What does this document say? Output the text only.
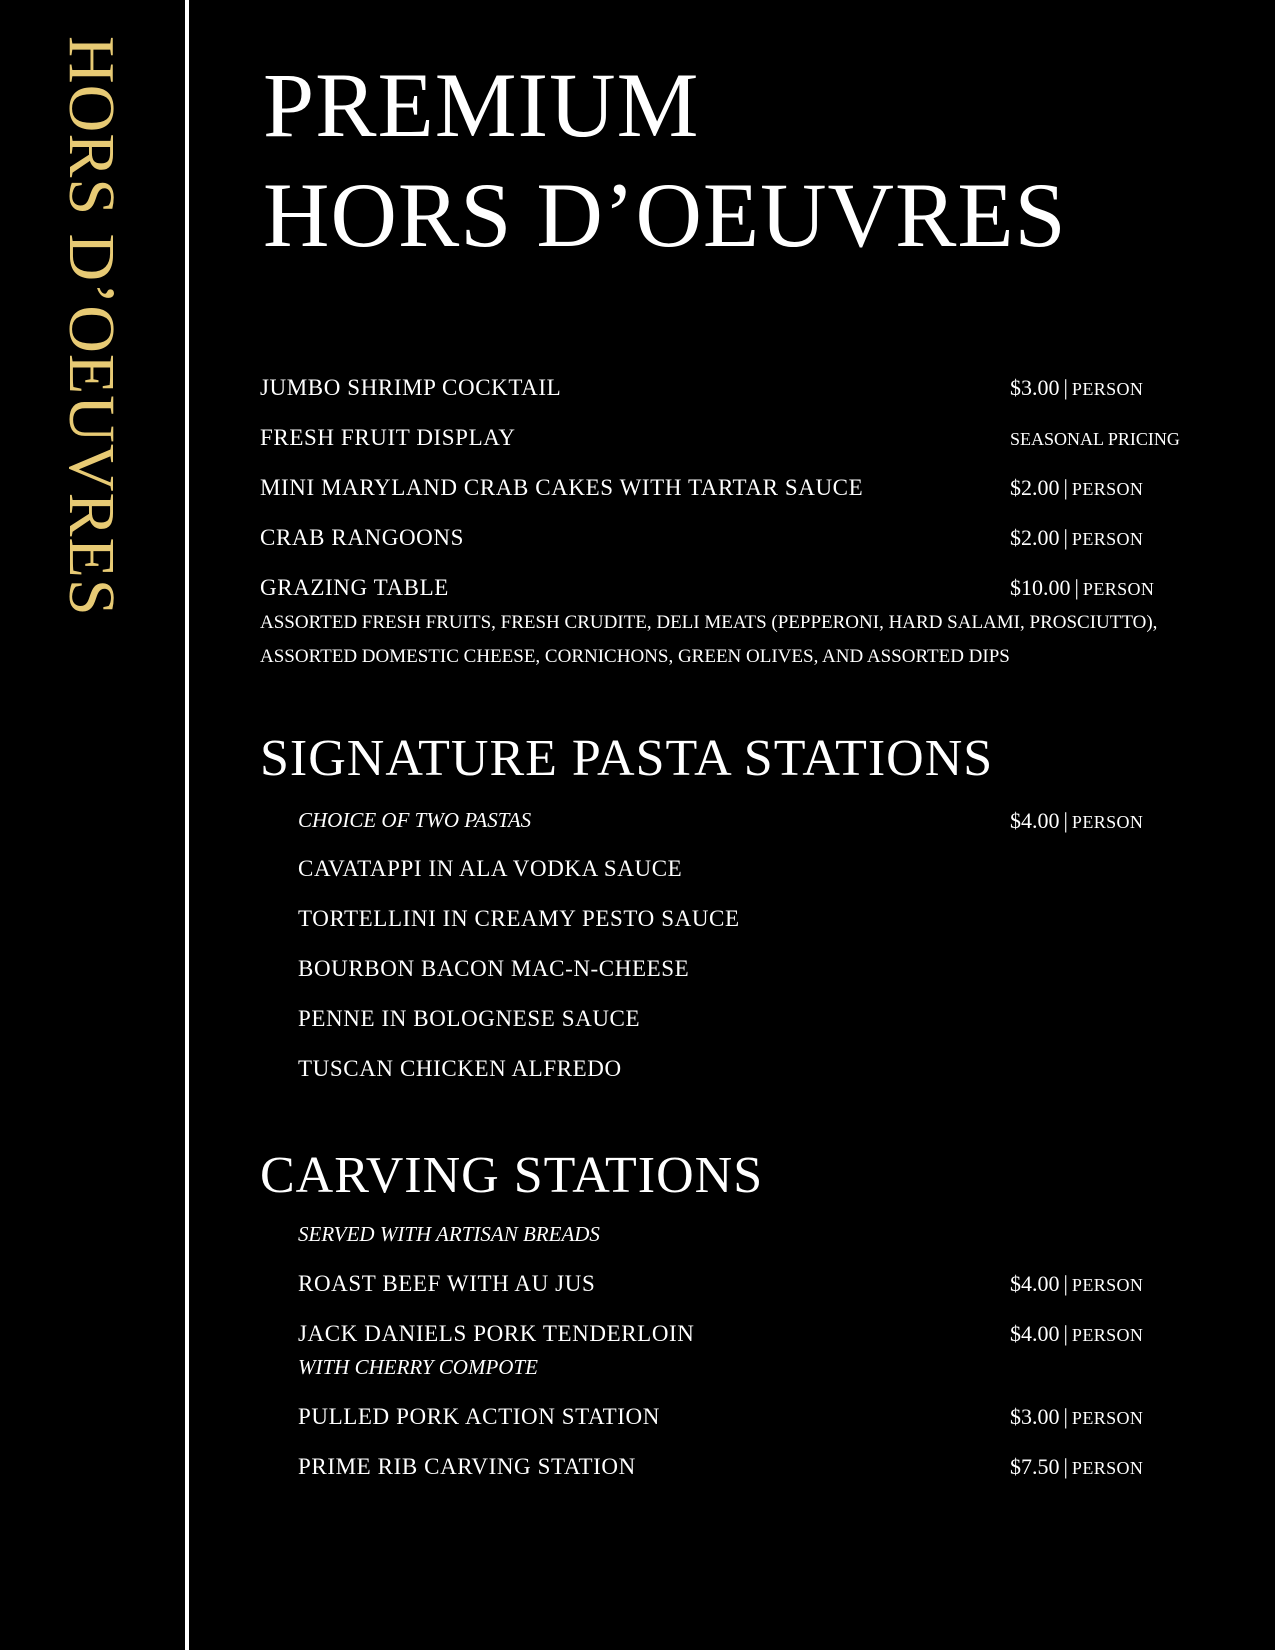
HORS D’OEUVRES PREMIUM
HORS D’OEUVRES
JUMBO SHRIMP COCKTAIL	$3.00 | PERSON
FRESH FRUIT DISPLAY	SEASONAL PRICING
MINI MARYLAND CRAB CAKES WITH TARTAR SAUCE	$2.00 | PERSON
CRAB RANGOONS	$2.00 | PERSON
GRAZING TABLE	$10.00 | PERSON
ASSORTED FRESH FRUITS, FRESH CRUDITE, DELI MEATS (PEPPERONI, HARD SALAMI, PROSCIUTTO),
ASSORTED DOMESTIC CHEESE, CORNICHONS, GREEN OLIVES, AND ASSORTED DIPS
SIGNATURE PASTA STATIONS
CHOICE OF TWO PASTAS	$4.00 | PERSON
CAVATAPPI IN ALA VODKA SAUCE
TORTELLINI IN CREAMY PESTO SAUCE
BOURBON BACON MAC-N-CHEESE
PENNE IN BOLOGNESE SAUCE
TUSCAN CHICKEN ALFREDO
CARVING STATIONS
SERVED WITH ARTISAN BREADS
ROAST BEEF WITH AU JUS	$4.00 | PERSON
JACK DANIELS PORK TENDERLOIN	$4.00 | PERSON
WITH CHERRY COMPOTE
PULLED PORK ACTION STATION	$3.00 | PERSON
PRIME RIB CARVING STATION	$7.50 | PERSON
